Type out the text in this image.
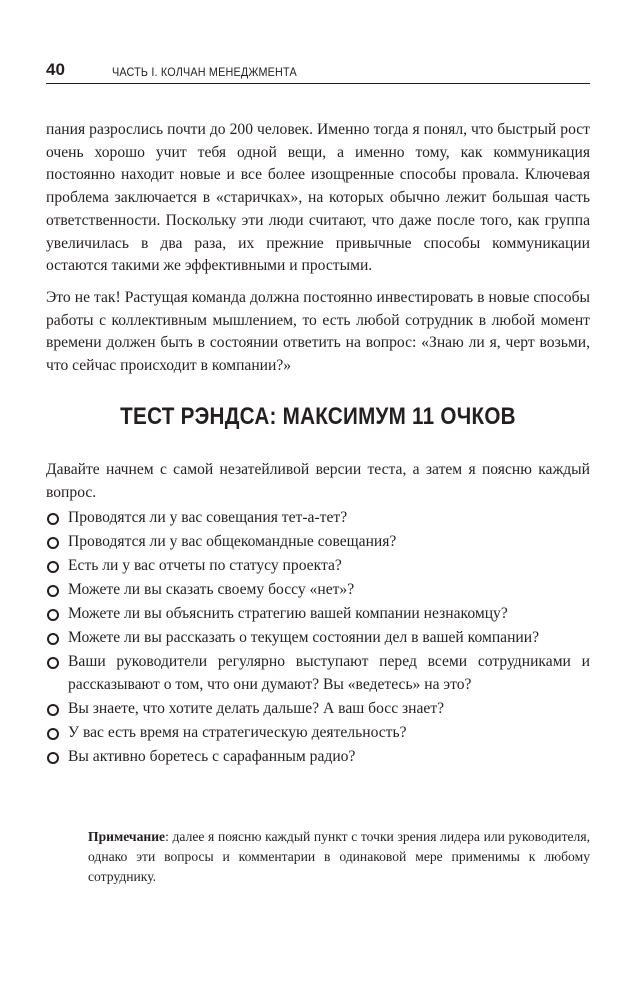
40	ЧАСТЬ I. КОЛЧАН МЕНЕДЖМЕНТА

пания разрослись почти до 200 человек. Именно тогда я понял, что быстрый рост очень хорошо учит тебя одной вещи, а именно тому, как коммуникация постоянно находит новые и все более изощренные способы провала. Ключевая проблема заключается в «старичках», на которых обычно лежит большая часть ответственности. Поскольку эти люди считают, что даже после того, как группа увеличилась в два раза, их прежние привычные способы коммуникации остаются такими же эффективными и простыми.

Это не так! Растущая команда должна постоянно инвестировать в новые способы работы с коллективным мышлением, то есть любой сотрудник в любой момент времени должен быть в состоянии ответить на вопрос: «Знаю ли я, черт возьми, что сейчас происходит в компании?»

ТЕСТ РЭНДСА: МАКСИМУМ 11 ОЧКОВ

Давайте начнем с самой незатейливой версии теста, а затем я поясню каждый вопрос.

Проводятся ли у вас совещания тет-а-тет?
Проводятся ли у вас общекомандные совещания?
Есть ли у вас отчеты по статусу проекта?
Можете ли вы сказать своему боссу «нет»?
Можете ли вы объяснить стратегию вашей компании незнакомцу?
Можете ли вы рассказать о текущем состоянии дел в вашей компании?
Ваши руководители регулярно выступают перед всеми сотрудниками и рассказывают о том, что они думают? Вы «ведетесь» на это?
Вы знаете, что хотите делать дальше? А ваш босс знает?
У вас есть время на стратегическую деятельность?
Вы активно боретесь с сарафанным радио?

Примечание: далее я поясню каждый пункт с точки зрения лидера или руководителя, однако эти вопросы и комментарии в одинаковой мере применимы к любому сотруднику.
